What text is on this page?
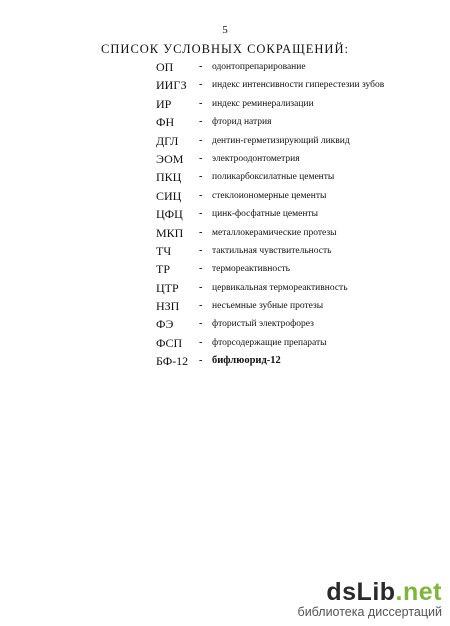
5
СПИСОК УСЛОВНЫХ СОКРАЩЕНИЙ:
ОП - одонтопрепарирование
ИИГЗ - индекс интенсивности гиперестезии зубов
ИР	- индекс реминерализации
ФН - фторид натрия
ДГЛ - дентин-герметизирующий ликвид
ЭОМ - электроодонтометрия
ПКЦ - поликарбоксилатные цементы
СИЦ - стеклоиономерные цементы
ЦФЦ - цинк-фосфатные цементы
МКП - металлокерамические протезы
ТЧ	- тактильная чувствительность
ТР	- термореактивность
ЦТР - цервикальная термореактивность
НЗП - несъемные зубные протезы
ФЭ - фтористый электрофорез
ФСП - фторсодержащие препараты
БФ-12 - бифлюорид-12
dsLib.net
библиотека диссертаций
